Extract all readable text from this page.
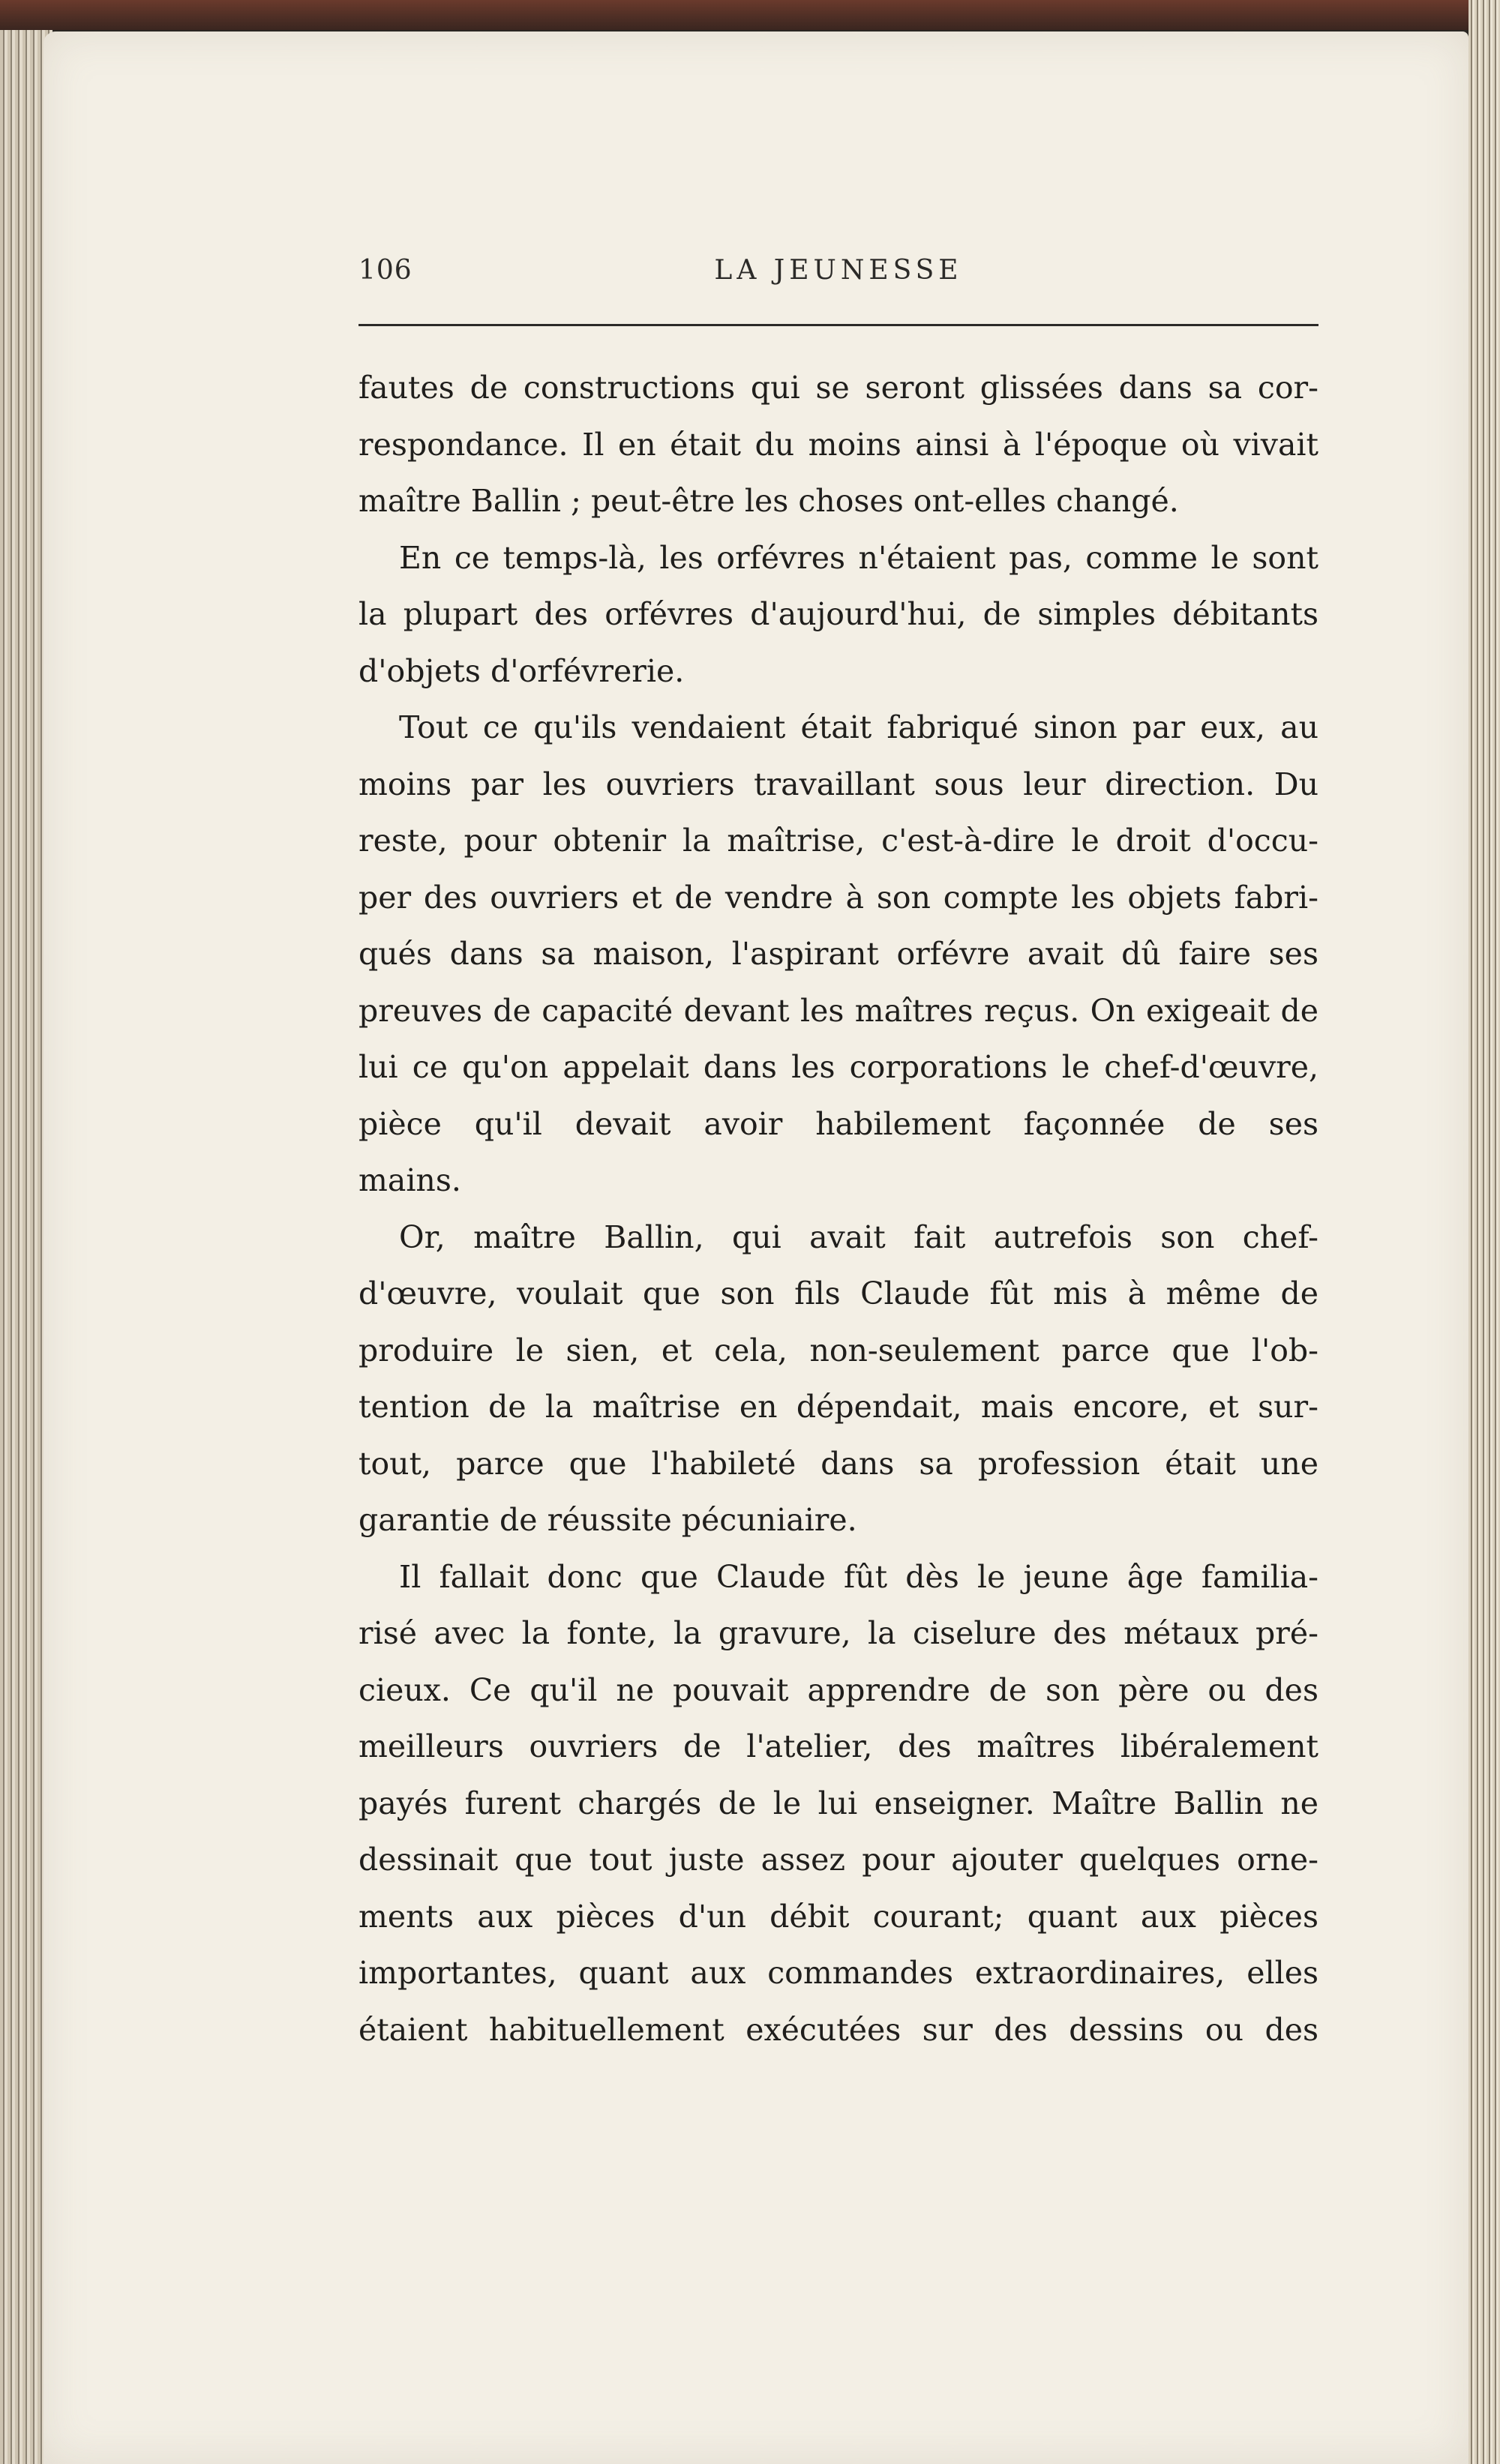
106	LA JEUNESSE
fautes de constructions qui se seront glissées dans sa cor-
respondance. Il en était du moins ainsi à l'époque où vivait
maître Ballin ; peut-être les choses ont-elles changé.
En ce temps-là, les orfévres n'étaient pas, comme le sont
la plupart des orfévres d'aujourd'hui, de simples débitants
d'objets d'orfévrerie.
Tout ce qu'ils vendaient était fabriqué sinon par eux, au
moins par les ouvriers travaillant sous leur direction. Du
reste, pour obtenir la maîtrise, c'est-à-dire le droit d'occu-
per des ouvriers et de vendre à son compte les objets fabri-
qués dans sa maison, l'aspirant orfévre avait dû faire ses
preuves de capacité devant les maîtres reçus. On exigeait de
lui ce qu'on appelait dans les corporations le chef-d'œuvre,
pièce qu'il devait avoir habilement façonnée de ses
mains.
Or, maître Ballin, qui avait fait autrefois son chef-
d'œuvre, voulait que son fils Claude fût mis à même de
produire le sien, et cela, non-seulement parce que l'ob-
tention de la maîtrise en dépendait, mais encore, et sur-
tout, parce que l'habileté dans sa profession était une
garantie de réussite pécuniaire.
Il fallait donc que Claude fût dès le jeune âge familia-
risé avec la fonte, la gravure, la ciselure des métaux pré-
cieux. Ce qu'il ne pouvait apprendre de son père ou des
meilleurs ouvriers de l'atelier, des maîtres libéralement
payés furent chargés de le lui enseigner. Maître Ballin ne
dessinait que tout juste assez pour ajouter quelques orne-
ments aux pièces d'un débit courant; quant aux pièces
importantes, quant aux commandes extraordinaires, elles
étaient habituellement exécutées sur des dessins ou des
